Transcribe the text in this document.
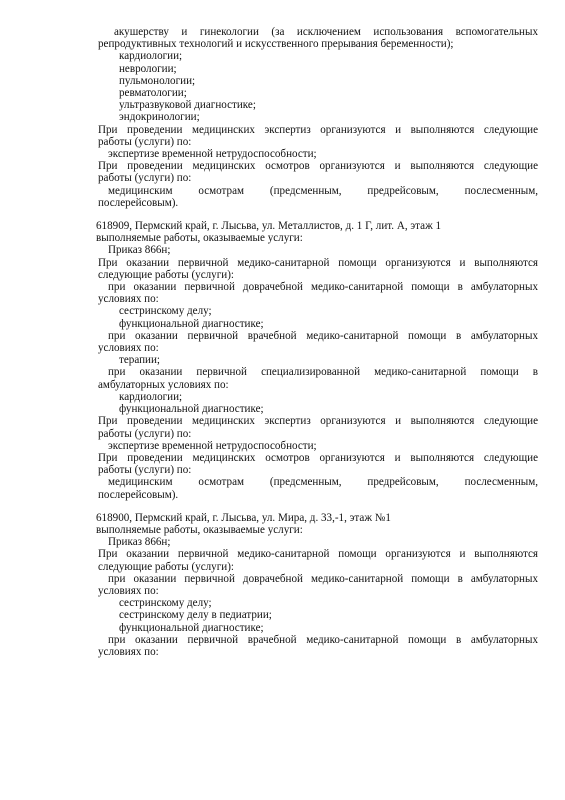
акушерству и гинекологии (за исключением использования вспомогательных
репродуктивных технологий и искусственного прерывания беременности);
кардиологии;
неврологии;
пульмонологии;
ревматологии;
ультразвуковой диагностике;
эндокринологии;
При проведении медицинских экспертиз организуются и выполняются следующие
работы (услуги) по:
экспертизе временной нетрудоспособности;
При проведении медицинских осмотров организуются и выполняются следующие
работы (услуги) по:
медицинским осмотрам (предсменным, предрейсовым, послесменным,
послерейсовым).
618909, Пермский край, г. Лысьва, ул. Металлистов, д. 1 Г, лит. А, этаж 1
выполняемые работы, оказываемые услуги:
Приказ 866н;
При оказании первичной медико-санитарной помощи организуются и выполняются
следующие работы (услуги):
при оказании первичной доврачебной медико-санитарной помощи в амбулаторных
условиях по:
сестринскому делу;
функциональной диагностике;
при оказании первичной врачебной медико-санитарной помощи в амбулаторных
условиях по:
терапии;
при оказании первичной специализированной медико-санитарной помощи в
амбулаторных условиях по:
кардиологии;
функциональной диагностике;
При проведении медицинских экспертиз организуются и выполняются следующие
работы (услуги) по:
экспертизе временной нетрудоспособности;
При проведении медицинских осмотров организуются и выполняются следующие
работы (услуги) по:
медицинским осмотрам (предсменным, предрейсовым, послесменным,
послерейсовым).
618900, Пермский край, г. Лысьва, ул. Мира, д. 33,-1, этаж №1
выполняемые работы, оказываемые услуги:
Приказ 866н;
При оказании первичной медико-санитарной помощи организуются и выполняются
следующие работы (услуги):
при оказании первичной доврачебной медико-санитарной помощи в амбулаторных
условиях по:
сестринскому делу;
сестринскому делу в педиатрии;
функциональной диагностике;
при оказании первичной врачебной медико-санитарной помощи в амбулаторных
условиях по:
